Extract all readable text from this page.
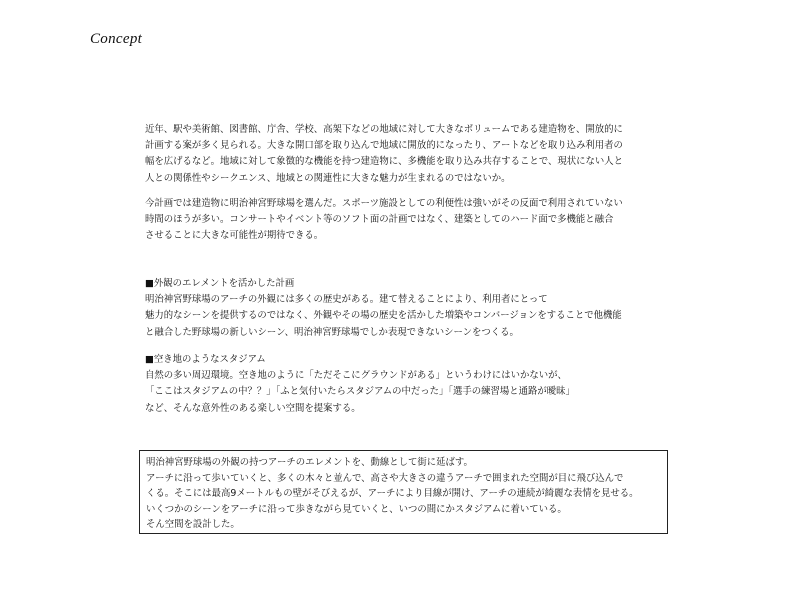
Concept
近年、駅や美術館、図書館、庁舎、学校、高架下などの地域に対して大きなボリュームである建造物を、開放的に
計画する案が多く見られる。大きな開口部を取り込んで地域に開放的になったり、アートなどを取り込み利用者の
幅を広げるなど。地域に対して象徴的な機能を持つ建造物に、多機能を取り込み共存することで、現状にない人と
人との関係性やシークエンス、地域との関連性に大きな魅力が生まれるのではないか。
今計画では建造物に明治神宮野球場を選んだ。スポーツ施設としての利便性は強いがその反面で利用されていない
時間のほうが多い。コンサートやイベント等のソフト面の計画ではなく、建築としてのハード面で多機能と融合
させることに大きな可能性が期待できる。
■外観のエレメントを活かした計画
明治神宮野球場のアーチの外観には多くの歴史がある。建て替えることにより、利用者にとって
魅力的なシーンを提供するのではなく、外観やその場の歴史を活かした増築やコンバージョンをすることで他機能
と融合した野球場の新しいシーン、明治神宮野球場でしか表現できないシーンをつくる。
■空き地のようなスタジアム
自然の多い周辺環境。空き地のように「ただそこにグラウンドがある」というわけにはいかないが、
「ここはスタジアムの中？？」「ふと気付いたらスタジアムの中だった」「選手の練習場と通路が曖昧」
など、そんな意外性のある楽しい空間を提案する。
明治神宮野球場の外観の持つアーチのエレメントを、動線として街に延ばす。
アーチに沿って歩いていくと、多くの木々と並んで、高さや大きさの違うアーチで囲まれた空間が目に飛び込んで
くる。そこには最高9メートルもの壁がそびえるが、アーチにより目線が開け、アーチの連続が綺麗な表情を見せる。
いくつかのシーンをアーチに沿って歩きながら見ていくと、いつの間にかスタジアムに着いている。
そん空間を設計した。
